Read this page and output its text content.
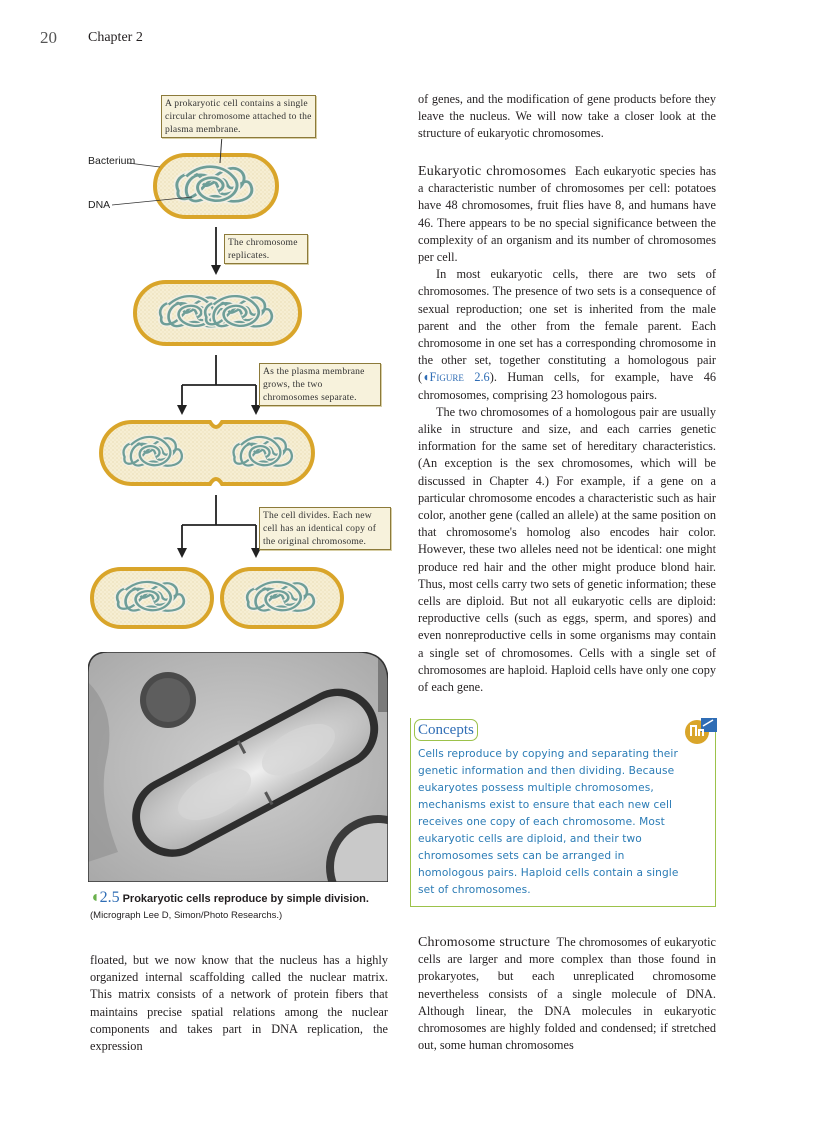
20 Chapter 2
A prokaryotic cell contains a single circular chromosome attached to the plasma membrane.
The chromosome replicates.
As the plasma membrane grows, the two chromosomes separate.
The cell divides. Each new cell has an identical copy of the original chromosome.
Bacterium
DNA
◖2.5 Prokaryotic cells reproduce by simple division. (Micrograph Lee D, Simon/Photo Researchs.)

floated, but we now know that the nucleus has a highly organized internal scaffolding called the nuclear matrix. This matrix consists of a network of protein fibers that maintains precise spatial relations among the nuclear components and takes part in DNA replication, the expression

of genes, and the modification of gene products before they leave the nucleus. We will now take a closer look at the structure of eukaryotic chromosomes.

Eukaryotic chromosomes Each eukaryotic species has a characteristic number of chromosomes per cell: potatoes have 48 chromosomes, fruit flies have 8, and humans have 46. There appears to be no special significance between the complexity of an organism and its number of chromosomes per cell.

In most eukaryotic cells, there are two sets of chromosomes. The presence of two sets is a consequence of sexual reproduction; one set is inherited from the male parent and the other from the female parent. Each chromosome in one set has a corresponding chromosome in the other set, together constituting a homologous pair (◖Figure 2.6). Human cells, for example, have 46 chromosomes, comprising 23 homologous pairs.

The two chromosomes of a homologous pair are usually alike in structure and size, and each carries genetic information for the same set of hereditary characteristics. (An exception is the sex chromosomes, which will be discussed in Chapter 4.) For example, if a gene on a particular chromosome encodes a characteristic such as hair color, another gene (called an allele) at the same position on that chromosome's homolog also encodes hair color. However, these two alleles need not be identical: one might produce red hair and the other might produce blond hair. Thus, most cells carry two sets of genetic information; these cells are diploid. But not all eukaryotic cells are diploid: reproductive cells (such as eggs, sperm, and spores) and even nonreproductive cells in some organisms may contain a single set of chromosomes. Cells with a single set of chromosomes are haploid. Haploid cells have only one copy of each gene.

Concepts
Cells reproduce by copying and separating their genetic information and then dividing. Because eukaryotes possess multiple chromosomes, mechanisms exist to ensure that each new cell receives one copy of each chromosome. Most eukaryotic cells are diploid, and their two chromosomes sets can be arranged in homologous pairs. Haploid cells contain a single set of chromosomes.

Chromosome structure The chromosomes of eukaryotic cells are larger and more complex than those found in prokaryotes, but each unreplicated chromosome nevertheless consists of a single molecule of DNA. Although linear, the DNA molecules in eukaryotic chromosomes are highly folded and condensed; if stretched out, some human chromosomes
